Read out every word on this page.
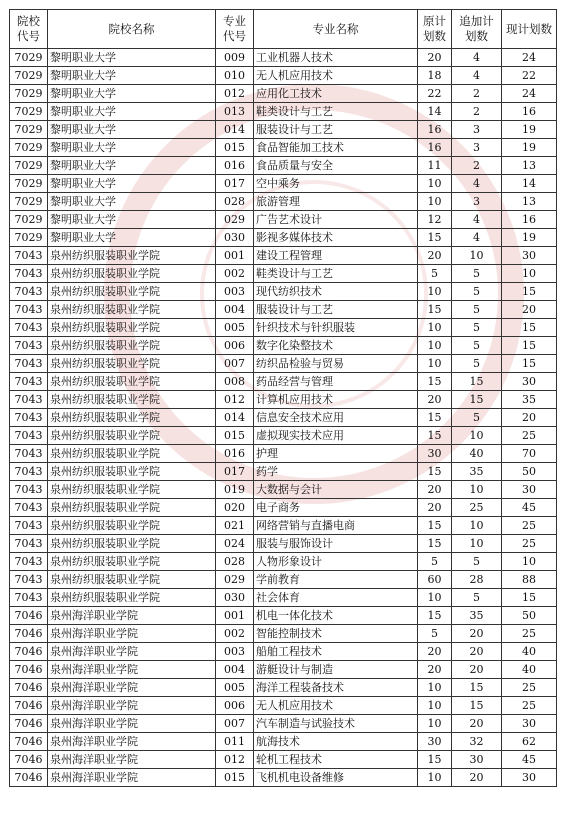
院校代号	院校名称	专业代号	专业名称	原计划数	追加计划数	现计划数
7029	黎明职业大学	009	工业机器人技术	20	4	24
7029	黎明职业大学	010	无人机应用技术	18	4	22
7029	黎明职业大学	012	应用化工技术	22	2	24
7029	黎明职业大学	013	鞋类设计与工艺	14	2	16
7029	黎明职业大学	014	服装设计与工艺	16	3	19
7029	黎明职业大学	015	食品智能加工技术	16	3	19
7029	黎明职业大学	016	食品质量与安全	11	2	13
7029	黎明职业大学	017	空中乘务	10	4	14
7029	黎明职业大学	028	旅游管理	10	3	13
7029	黎明职业大学	029	广告艺术设计	12	4	16
7029	黎明职业大学	030	影视多媒体技术	15	4	19
7043	泉州纺织服装职业学院	001	建设工程管理	20	10	30
7043	泉州纺织服装职业学院	002	鞋类设计与工艺	5	5	10
7043	泉州纺织服装职业学院	003	现代纺织技术	10	5	15
7043	泉州纺织服装职业学院	004	服装设计与工艺	15	5	20
7043	泉州纺织服装职业学院	005	针织技术与针织服装	10	5	15
7043	泉州纺织服装职业学院	006	数字化染整技术	10	5	15
7043	泉州纺织服装职业学院	007	纺织品检验与贸易	10	5	15
7043	泉州纺织服装职业学院	008	药品经营与管理	15	15	30
7043	泉州纺织服装职业学院	012	计算机应用技术	20	15	35
7043	泉州纺织服装职业学院	014	信息安全技术应用	15	5	20
7043	泉州纺织服装职业学院	015	虚拟现实技术应用	15	10	25
7043	泉州纺织服装职业学院	016	护理	30	40	70
7043	泉州纺织服装职业学院	017	药学	15	35	50
7043	泉州纺织服装职业学院	019	大数据与会计	20	10	30
7043	泉州纺织服装职业学院	020	电子商务	20	25	45
7043	泉州纺织服装职业学院	021	网络营销与直播电商	15	10	25
7043	泉州纺织服装职业学院	024	服装与服饰设计	15	10	25
7043	泉州纺织服装职业学院	028	人物形象设计	5	5	10
7043	泉州纺织服装职业学院	029	学前教育	60	28	88
7043	泉州纺织服装职业学院	030	社会体育	10	5	15
7046	泉州海洋职业学院	001	机电一体化技术	15	35	50
7046	泉州海洋职业学院	002	智能控制技术	5	20	25
7046	泉州海洋职业学院	003	船舶工程技术	20	20	40
7046	泉州海洋职业学院	004	游艇设计与制造	20	20	40
7046	泉州海洋职业学院	005	海洋工程装备技术	10	15	25
7046	泉州海洋职业学院	006	无人机应用技术	10	15	25
7046	泉州海洋职业学院	007	汽车制造与试验技术	10	20	30
7046	泉州海洋职业学院	011	航海技术	30	32	62
7046	泉州海洋职业学院	012	轮机工程技术	15	30	45
7046	泉州海洋职业学院	015	飞机机电设备维修	10	20	30
